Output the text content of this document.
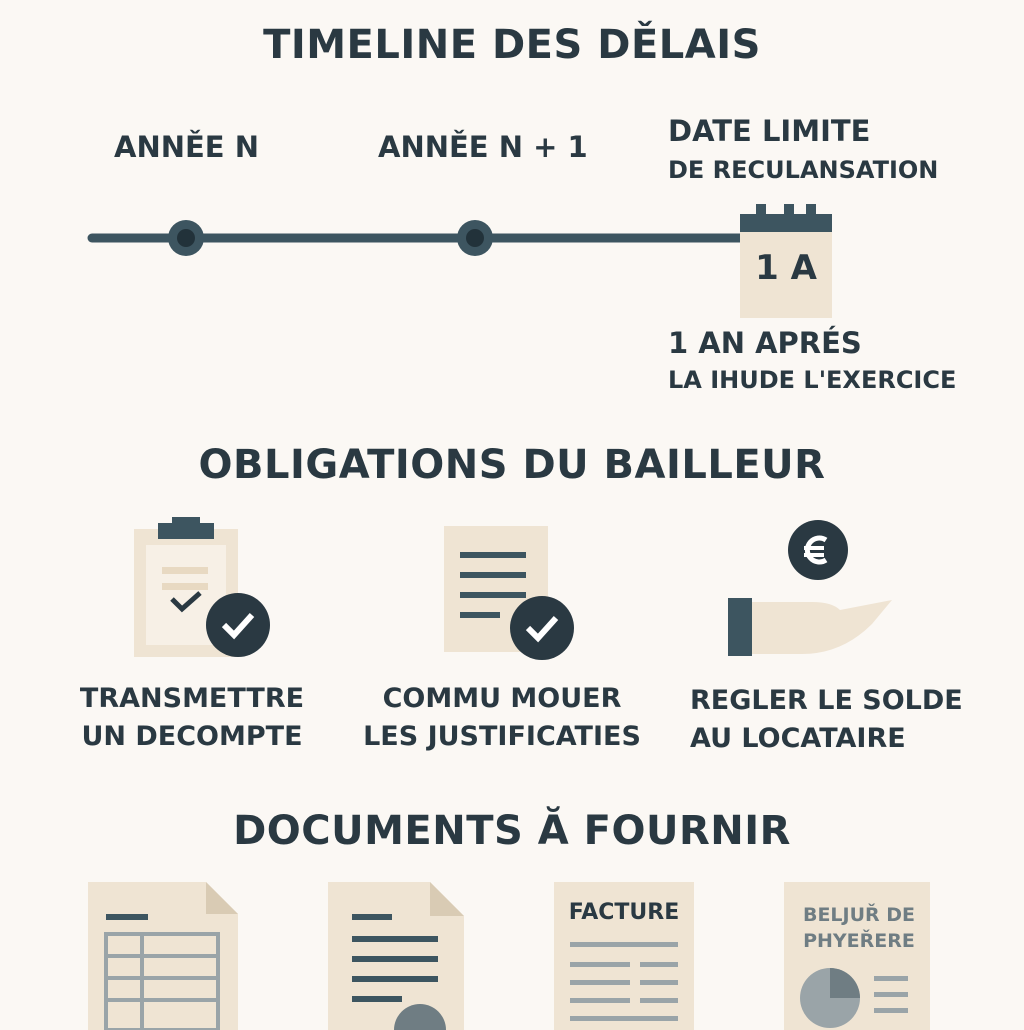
TIMELINE DES DĚLAIS
ANNĚE N	ANNĚE N + 1	DATE LIMITE
DE RECULANSATION
1 A
1 AN APRÉS
LA IHUDE L'EXERCICE
OBLIGATIONS DU BAILLEUR
TRANSMETTRE
UN DECOMPTE
COMMU MOUER
LES JUSTIFICATIES
REGLER LE SOLDE
AU LOCATAIRE
DOCUMENTS Ă FOURNIR
FACTURE	BELJUŘ DE
PHYEŘERE
